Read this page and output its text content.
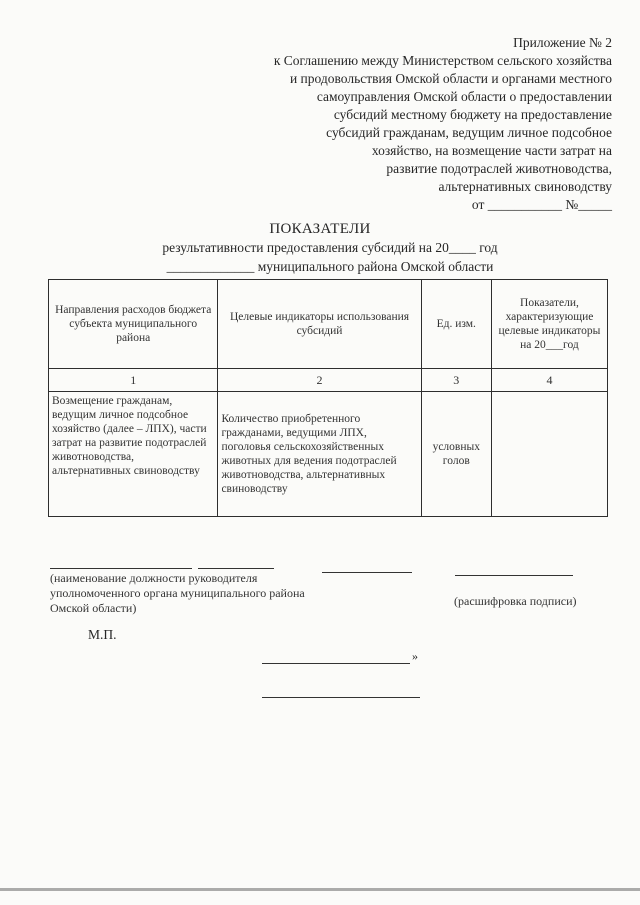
Приложение № 2
к Соглашению между Министерством сельского хозяйства
и продовольствия Омской области и органами местного
самоуправления Омской области о предоставлении
субсидий местному бюджету на предоставление
субсидий гражданам, ведущим личное подсобное
хозяйство, на возмещение части затрат на
развитие подотраслей животноводства,
альтернативных свиноводству
от ___________ №_____
ПОКАЗАТЕЛИ
результативности предоставления субсидий на 20____ год
_____________ муниципального района Омской области
Направления расходов бюджета субъекта муниципального района	Целевые индикаторы использования субсидий	Ед. изм.	Показатели, характеризующие целевые индикаторы на 20___год
1	2	3	4
Возмещение гражданам, ведущим личное подсобное хозяйство (далее – ЛПХ), части затрат на развитие подотраслей животноводства, альтернативных свиноводству	Количество приобретенного гражданами, ведущими ЛПХ, поголовья сельскохозяйственных животных для ведения подотраслей животноводства, альтернативных свиноводству	условных голов	
(наименование должности руководителя уполномоченного органа муниципального района Омской области)	(расшифровка подписи)
М.П.
»
